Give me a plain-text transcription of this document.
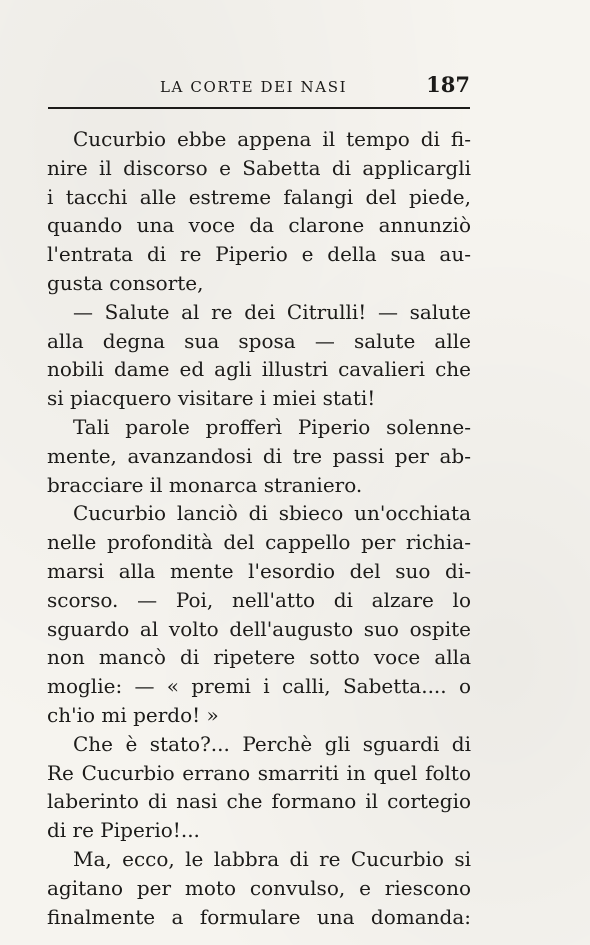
LA CORTE DEI NASI	187
Cucurbio ebbe appena il tempo di fi-
nire il discorso e Sabetta di applicargli
i tacchi alle estreme falangi del piede,
quando una voce da clarone annunziò
l'entrata di re Piperio e della sua au-
gusta consorte,
— Salute al re dei Citrulli! — salute
alla degna sua sposa — salute alle
nobili dame ed agli illustri cavalieri che
si piacquero visitare i miei stati!
Tali parole profferì Piperio solenne-
mente, avanzandosi di tre passi per ab-
bracciare il monarca straniero.
Cucurbio lanciò di sbieco un'occhiata
nelle profondità del cappello per richia-
marsi alla mente l'esordio del suo di-
scorso. — Poi, nell'atto di alzare lo
sguardo al volto dell'augusto suo ospite
non mancò di ripetere sotto voce alla
moglie: — « premi i calli, Sabetta.... o
ch'io mi perdo! »
Che è stato?... Perchè gli sguardi di
Re Cucurbio errano smarriti in quel folto
laberinto di nasi che formano il cortegio
di re Piperio!...
Ma, ecco, le labbra di re Cucurbio si
agitano per moto convulso, e riescono
finalmente a formulare una domanda:
